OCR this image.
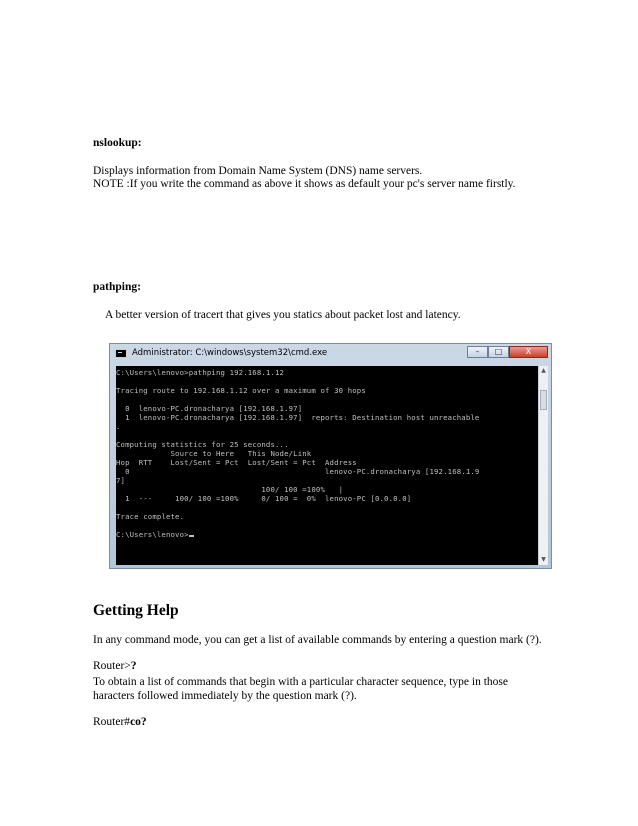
nslookup:
Displays information from Domain Name System (DNS) name servers.
NOTE :If you write the command as above it shows as default your pc's server name firstly.
pathping:
A better version of tracert that gives you statics about packet lost and latency.
Administrator: C:\windows\system32\cmd.exe	–	□	X
C:\Users\lenovo>pathping 192.168.1.12
Tracing route to 192.168.1.12 over a maximum of 30 hops
0  lenovo-PC.dronacharya [192.168.1.97]
1  lenovo-PC.dronacharya [192.168.1.97]  reports: Destination host unreachable
.
Computing statistics for 25 seconds...
Source to Here   This Node/Link
Hop  RTT    Lost/Sent = Pct  Lost/Sent = Pct  Address
0                                           lenovo-PC.dronacharya [192.168.1.9
7]
100/ 100 =100%   |
1  ---     100/ 100 =100%     0/ 100 =  0%  lenovo-PC [0.0.0.0]
Trace complete.
C:\Users\lenovo>
▲
▼
Getting Help
In any command mode, you can get a list of available commands by entering a question mark (?).
Router>?
To obtain a list of commands that begin with a particular character sequence, type in those
haracters followed immediately by the question mark (?).
Router#co?
